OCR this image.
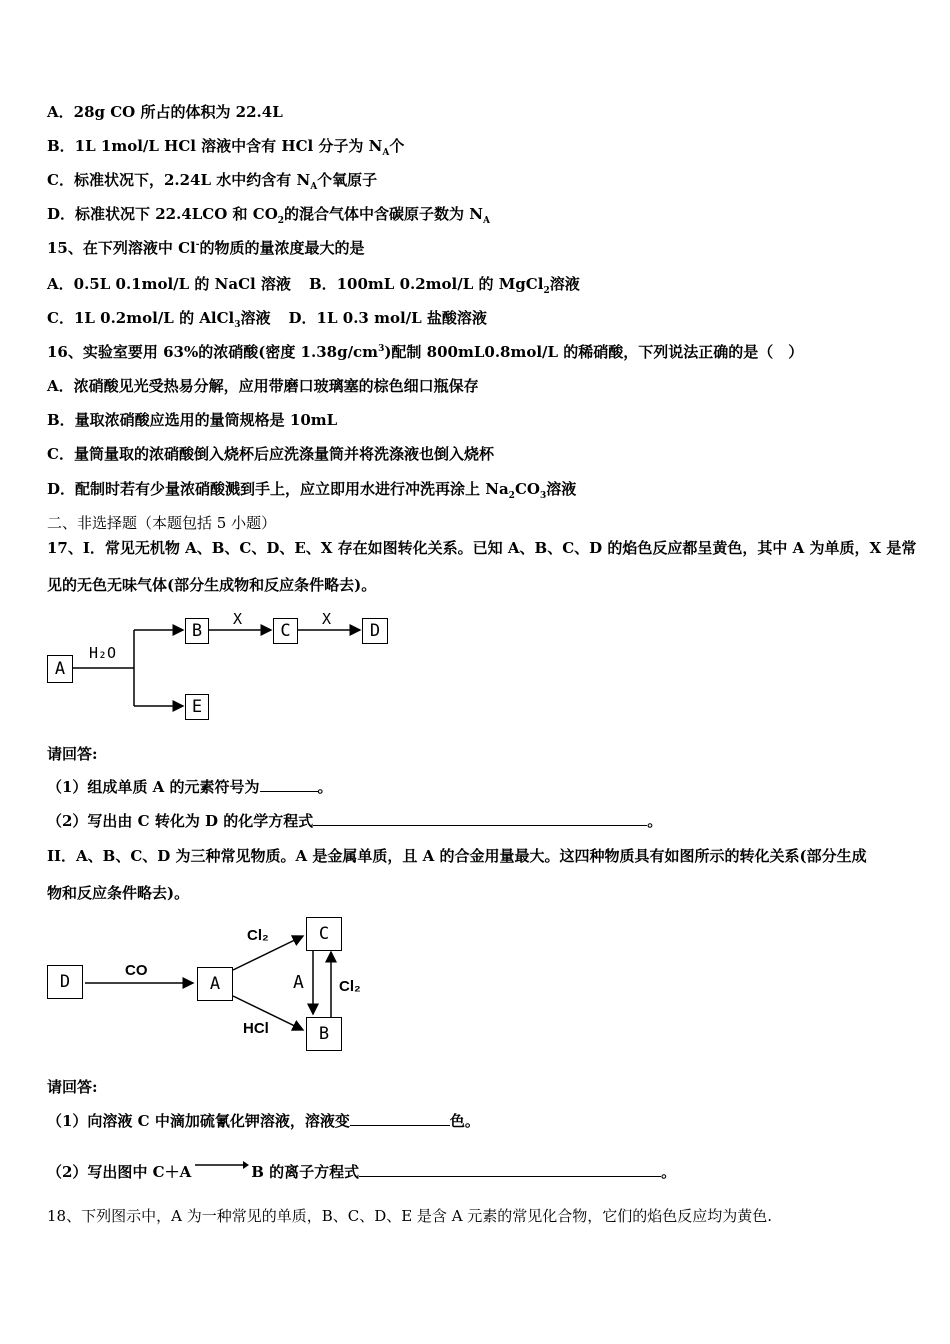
A．28g CO 所占的体积为 22.4L
B．1L 1mol/L HCl 溶液中含有 HCl 分子为 $N_A$个
C．标准状况下，2.24L 水中约含有 $N_A$个氧原子
D．标准状况下 22.4LCO 和 $CO_2$的混合气体中含碳原子数为 $N_A$
15、在下列溶液中 Cl-的物质的量浓度最大的是
A．0.5L 0.1mol/L 的 NaCl 溶液 B．100mL 0.2mol/L 的 MgCl$_2$溶液
C．1L 0.2mol/L 的 AlCl$_3$溶液 D．1L 0.3 mol/L 盐酸溶液
16、实验室要用 63%的浓硝酸(密度 $1.38g/cm^3$)配制 800mL0.8mol/L 的稀硝酸，下列说法正确的是（　）
A．浓硝酸见光受热易分解，应用带磨口玻璃塞的棕色细口瓶保存
B．量取浓硝酸应选用的量筒规格是 10mL
C．量筒量取的浓硝酸倒入烧杯后应洗涤量筒并将洗涤液也倒入烧杯
D．配制时若有少量浓硝酸溅到手上，应立即用水进行冲洗再涂上 $Na_2CO_3$溶液
二、非选择题（本题包括 5 小题）
17、I．常见无机物 A、B、C、D、E、X 存在如图转化关系。已知 A、B、C、D 的焰色反应都呈黄色，其中 A 为单质，X 是常
见的无色无味气体(部分生成物和反应条件略去)。
A
B	C	D
E
H₂O
X	X
请回答:
（1）组成单质 A 的元素符号为	。
（2）写出由 C 转化为 D 的化学方程式	。
II．A、B、C、D 为三种常见物质。A 是金属单质，且 A 的合金用量最大。这四种物质具有如图所示的转化关系(部分生成
物和反应条件略去)。
D	A
C
B
CO
Cl₂
HCl
A Cl₂
请回答:
（1）向溶液 C 中滴加硫氰化钾溶液，溶液变	色。
（2）写出图中 C＋A	B 的离子方程式	。
18、下列图示中，A 为一种常见的单质，B、C、D、E 是含 A 元素的常见化合物，它们的焰色反应均为黄色.
